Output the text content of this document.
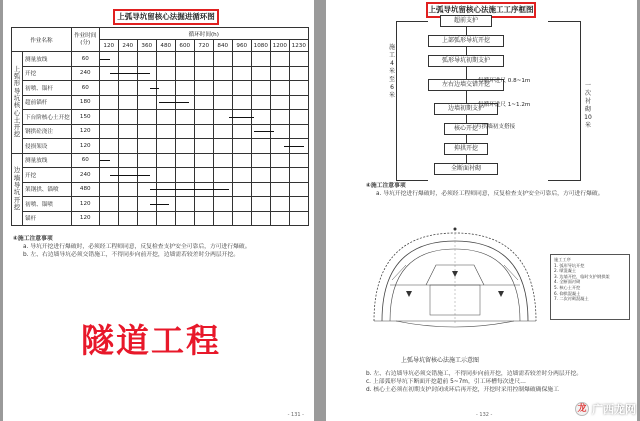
上弧导坑留核心法掘进循环图
作业名称		作业时间(分)	循环时间(h)										
			120	240	360	480	600	720	840	960	1080	1200	1230
上弧形导坑核心土开挖	测量放线	60	

	开挖	240	

	初喷、锚杆	60	

	超前锚杆	180	

	下台阶核心土开挖	150	

	钢拱砼浇注	120	

	侵损架设	120	

边墙导坑开挖	测量放线	60	

	开挖	240	

	架钢拱、锚喷	480	

	初喷、锚喷	120	

	锚杆	120											
④施工注意事项
a. 导坑开挖进行爆破时，必须经工程师同意，反复检查支护安全可靠后，方可进行爆破。
b. 左、右边墙导坑必须交错施工，不得同步向前开挖，边墙需若较差时分两层开挖。
隧道工程
- 131 -
上弧导坑留核心法施工工序框图
超前支护
上部弧形导坑开挖
弧形导坑初期支护
左右边墙交错开挖
边墙初期支护
核心开挖
抑拱开挖
全断面衬砌
施工4米至6米
一次衬砌10米
每循环进尺 0.8~1m
每循环进尺 1~1.2m
与拱墙初支搭接
④施工注意事项
a. 导坑开挖进行爆破时，必须经工程师同意，反复检查支护安全可靠后，方可进行爆破。
施工工序
1. 弧形导坑开挖
2. 喷混凝土
3. 边墙开挖，临时支护钢拱架
4. 全断面衬砌
5. 核心土开挖
6. 仰拱混凝土
7. 二次衬砌混凝土
上弧导坑留核心法施工示意图
b. 左、右边墙导坑必须交错施工，不得同步向前开挖，边墙需若较差时分两层开挖。
c. 上部弧形导坑下断面开挖超前 5~7m，引工环槽每次进尺…
d. 核心土必须在初期支护封闭成环后再开挖，开挖时采用控制爆破确保施工
- 132 -
龙 广西龙网
